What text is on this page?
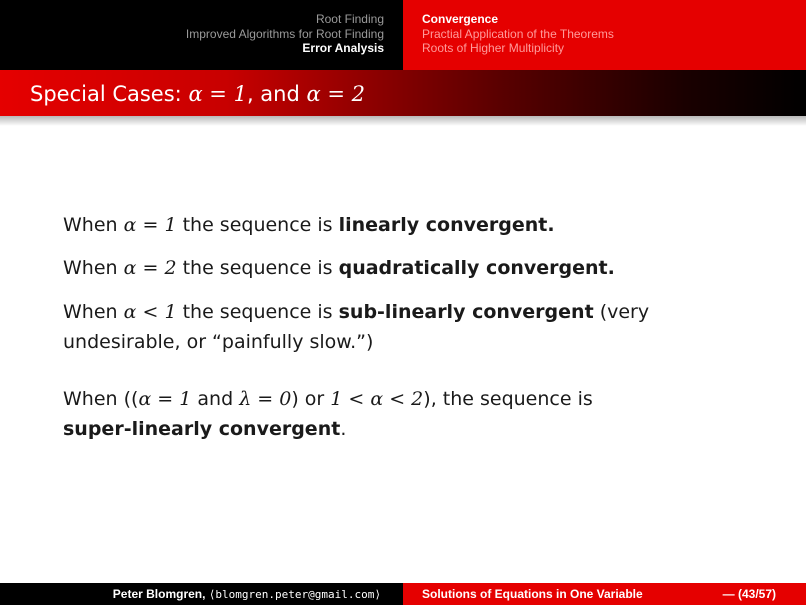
Root Finding
Improved Algorithms for Root Finding
Error Analysis
Convergence
Practial Application of the Theorems
Roots of Higher Multiplicity
Special Cases: α = 1, and α = 2
When α = 1 the sequence is linearly convergent.
When α = 2 the sequence is quadratically convergent.
When α < 1 the sequence is sub-linearly convergent (very
undesirable, or “painfully slow.”)
When ((α = 1 and λ = 0) or 1 < α < 2), the sequence is
super-linearly convergent.
Peter Blomgren, ⟨blomgren.peter@gmail.com⟩	Solutions of Equations in One Variable	— (43/57)
